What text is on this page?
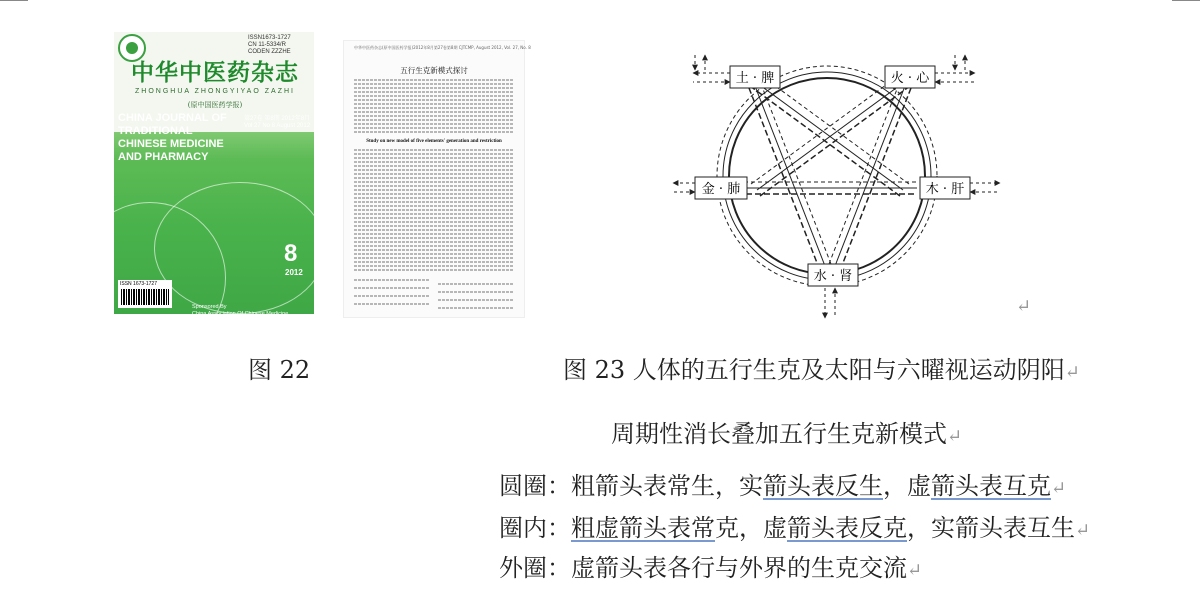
ISSN1673-1727
CN 11-5334/R
CODEN ZZZHE
中华中医药杂志
ZHONGHUA ZHONGYIYAO ZAZHI
(原中国医药学报)
CHINA JOURNAL OF
TRADITIONAL
CHINESE MEDICINE
AND PHARMACY
第27卷 第8期 2012年8月
Vol 27 No 8 August 2012
8
2012
ISSN 1673-1727
Sponsored By
China Association Of Chinese Medicine
中 华 中 医 药 学 会 主 办
中华中医药杂志(原中国医药学报)2012年8月第27卷第8期 CJTCMP, August 2012, Vol. 27, No. 8
五行生克新模式探讨
Study on new model of five elements' generation and restriction
土 · 脾	火 · 心
金 · 肺	木 · 肝
水 · 肾
↵
图 22	图 23 人体的五行生克及太阳与六曜视运动阴阳↵
周期性消长叠加五行生克新模式↵
圆圈：粗箭头表常生，实箭头表反生，虚箭头表互克↵
圈内：粗虚箭头表常克，虚箭头表反克，实箭头表互生↵
外圈：虚箭头表各行与外界的生克交流↵
